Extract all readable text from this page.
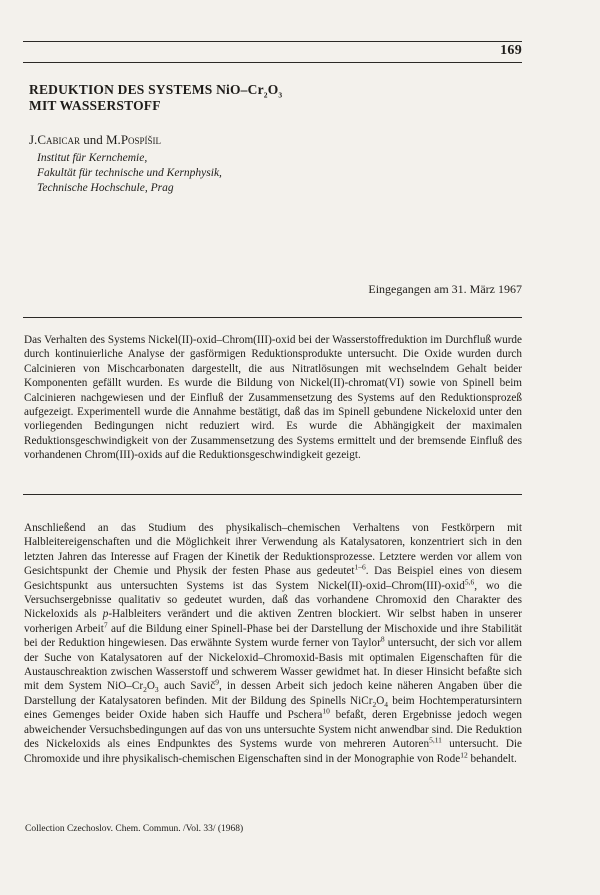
169
REDUKTION DES SYSTEMS NiO–$Cr_2O_3$
MIT WASSERSTOFF
J.Cabicar und M.Pospíšil
Institut für Kernchemie,
Fakultät für technische und Kernphysik,
Technische Hochschule, Prag
Eingegangen am 31. März 1967
Das Verhalten des Systems Nickel(II)-oxid–Chrom(III)-oxid bei der Wasserstoffreduktion im Durchfluß wurde durch kontinuierliche Analyse der gasförmigen Reduktionsprodukte untersucht. Die Oxide wurden durch Calcinieren von Mischcarbonaten dargestellt, die aus Nitratlösungen mit wechselndem Gehalt beider Komponenten gefällt wurden. Es wurde die Bildung von Nickel(II)-chromat(VI) sowie von Spinell beim Calcinieren nachgewiesen und der Einfluß der Zusammensetzung des Systems auf den Reduktionsprozeß aufgezeigt. Experimentell wurde die Annahme bestätigt, daß das im Spinell gebundene Nickeloxid unter den vorliegenden Bedingungen nicht reduziert wird. Es wurde die Abhängigkeit der maximalen Reduktionsgeschwindigkeit von der Zusammensetzung des Systems ermittelt und der bremsende Einfluß des vorhandenen Chrom(III)-oxids auf die Reduktionsgeschwindigkeit gezeigt.
Anschließend an das Studium des physikalisch–chemischen Verhaltens von Festkörpern mit Halbleitereigenschaften und die Möglichkeit ihrer Verwendung als Katalysatoren, konzentriert sich in den letzten Jahren das Interesse auf Fragen der Kinetik der Reduktionsprozesse. Letztere werden vor allem von Gesichtspunkt der Chemie und Physik der festen Phase aus gedeutet$^{1-6}$. Das Beispiel eines von diesem Gesichtspunkt aus untersuchten Systems ist das System Nickel(II)-oxid–Chrom(III)-oxid$^{5,6}$, wo die Versuchsergebnisse qualitativ so gedeutet wurden, daß das vorhandene Chromoxid den Charakter des Nickeloxids als p-Halbleiters verändert und die aktiven Zentren blockiert. Wir selbst haben in unserer vorherigen Arbeit$^7$ auf die Bildung einer Spinell-Phase bei der Darstellung der Mischoxide und ihre Stabilität bei der Reduktion hingewiesen. Das erwähnte System wurde ferner von Taylor$^8$ untersucht, der sich vor allem der Suche von Katalysatoren auf der Nickeloxid–Chromoxid-Basis mit optimalen Eigenschaften für die Austauschreaktion zwischen Wasserstoff und schwerem Wasser gewidmet hat. In dieser Hinsicht befaßte sich mit dem System NiO–$Cr_2O_3$ auch Savič$^9$, in dessen Arbeit sich jedoch keine näheren Angaben über die Darstellung der Katalysatoren befinden. Mit der Bildung des Spinells $NiCr_2O_4$ beim Hochtemperatursintern eines Gemenges beider Oxide haben sich Hauffe und Pschera$^{10}$ befaßt, deren Ergebnisse jedoch wegen abweichender Versuchsbedingungen auf das von uns untersuchte System nicht anwendbar sind. Die Reduktion des Nickeloxids als eines Endpunktes des Systems wurde von mehreren Autoren$^{5,11}$ untersucht. Die Chromoxide und ihre physikalisch-chemischen Eigenschaften sind in der Monographie von Rode$^{12}$ behandelt.
Collection Czechoslov. Chem. Commun. /Vol. 33/ (1968)
